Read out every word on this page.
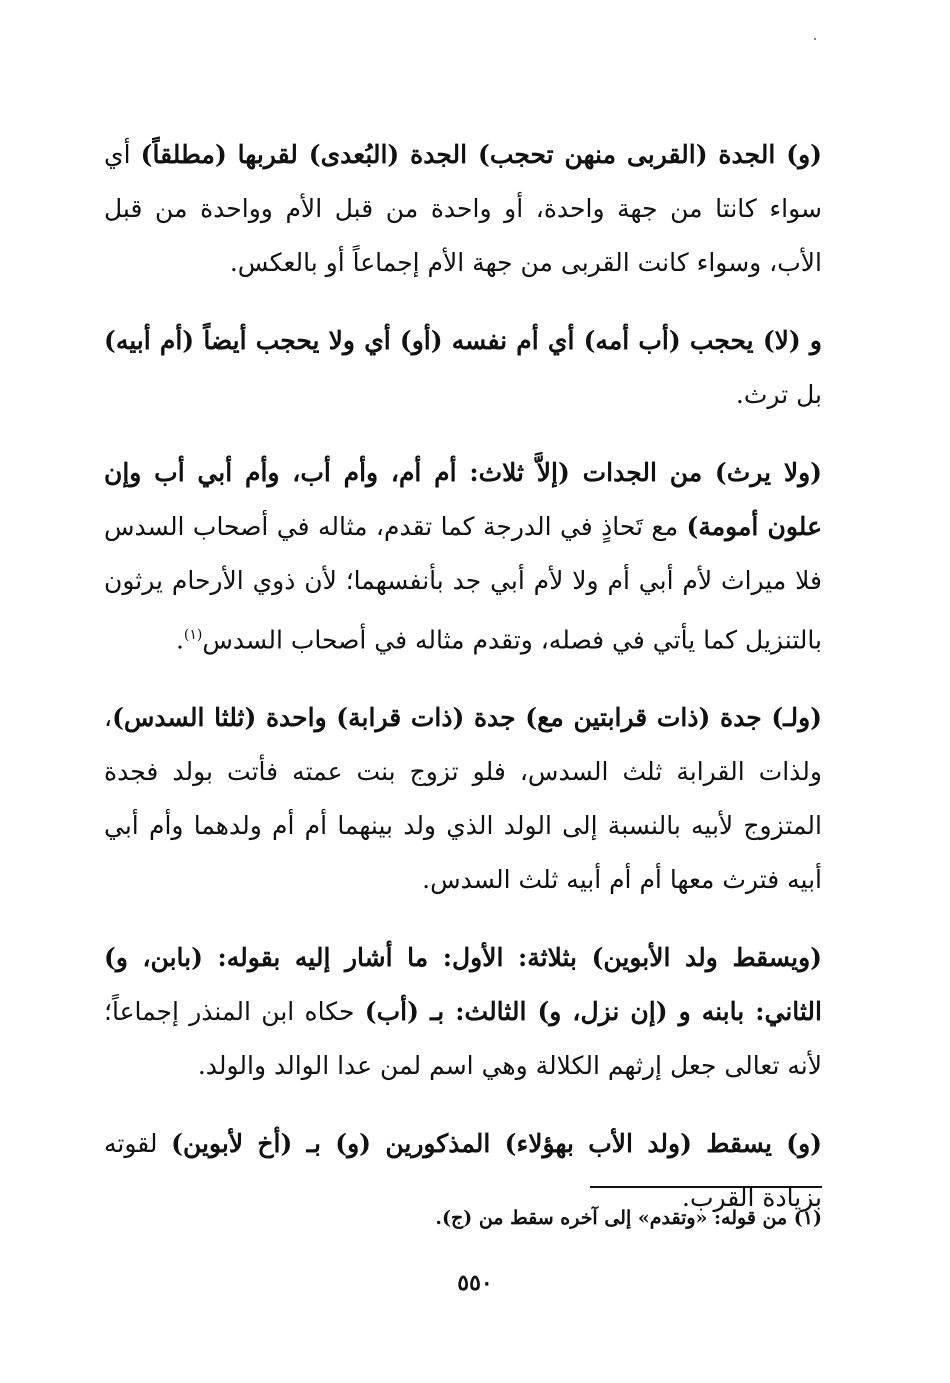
(و) الجدة (القربى منهن تحجب) الجدة (البُعدى) لقربها (مطلقاً) أي سواء كانتا من جهة واحدة، أو واحدة من قبل الأم وواحدة من قبل الأب، وسواء كانت القربى من جهة الأم إجماعاً أو بالعكس.

و (لا) يحجب (أب أمه) أي أم نفسه (أو) أي ولا يحجب أيضاً (أم أبيه) بل ترث.

(ولا يرث) من الجدات (إلاَّ ثلاث: أم أم، وأم أب، وأم أبي أب وإن علون أمومة) مع تَحاذٍ في الدرجة كما تقدم، مثاله في أصحاب السدس فلا ميراث لأم أبي أم ولا لأم أبي جد بأنفسهما؛ لأن ذوي الأرحام يرثون بالتنزيل كما يأتي في فصله، وتقدم مثاله في أصحاب السدس$^{(١)}$.

(ولـ) جدة (ذات قرابتين مع) جدة (ذات قرابة) واحدة (ثلثا السدس)، ولذات القرابة ثلث السدس، فلو تزوج بنت عمته فأتت بولد فجدة المتزوج لأبيه بالنسبة إلى الولد الذي ولد بينهما أم أم ولدهما وأم أبي أبيه فترث معها أم أم أبيه ثلث السدس.

(ويسقط ولد الأبوين) بثلاثة: الأول: ما أشار إليه بقوله: (بابن، و) الثاني: بابنه و (إن نزل، و) الثالث: بـ (أب) حكاه ابن المنذر إجماعاً؛ لأنه تعالى جعل إرثهم الكلالة وهي اسم لمن عدا الوالد والولد.

(و) يسقط (ولد الأب بهؤلاء) المذكورين (و) بـ (أخ لأبوين) لقوته بزيادة القرب.

(١) من قوله: «وتقدم» إلى آخره سقط من (ج).
٥٥٠
